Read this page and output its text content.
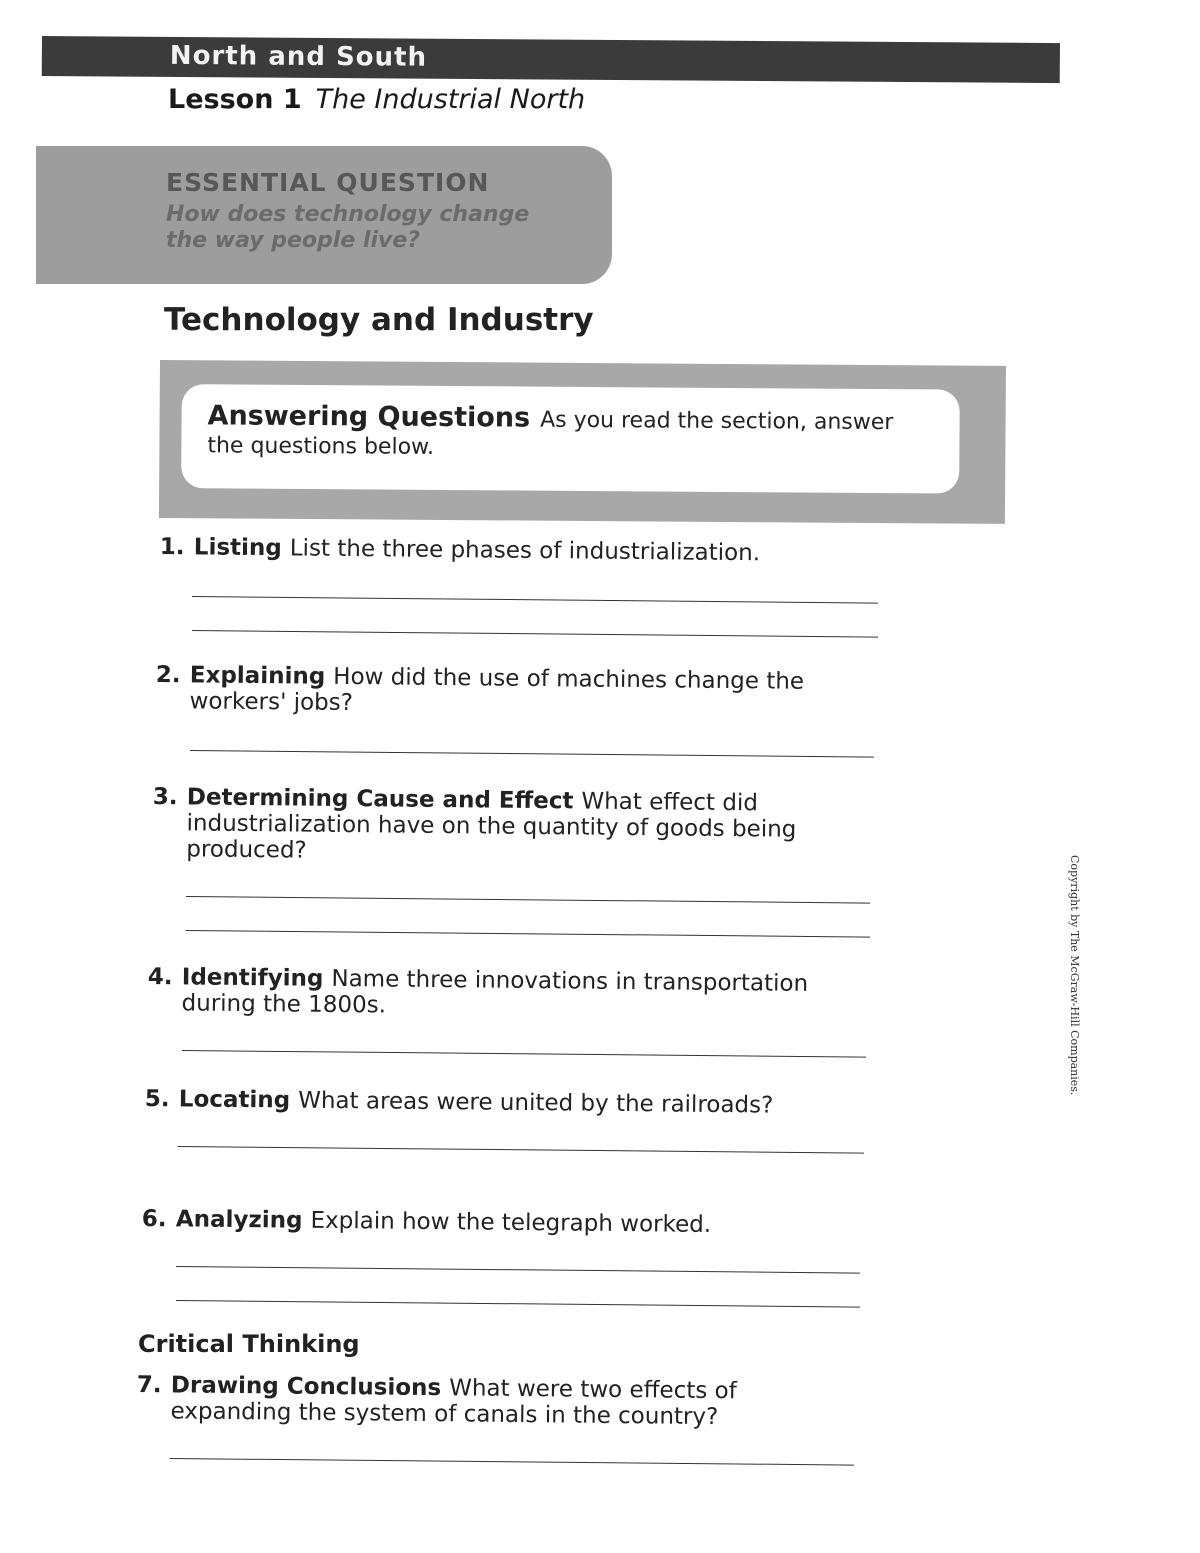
North and South
Lesson 1 The Industrial North
ESSENTIAL QUESTION
How does technology change the way people live?
Technology and Industry
Answering Questions As you read the section, answer the questions below.
1. Listing List the three phases of industrialization.
2. Explaining How did the use of machines change the
workers' jobs?
3. Determining Cause and Effect What effect did
industrialization have on the quantity of goods being
produced?
4. Identifying Name three innovations in transportation
during the 1800s.
5. Locating What areas were united by the railroads?
6. Analyzing Explain how the telegraph worked.
Critical Thinking
7. Drawing Conclusions What were two effects of
expanding the system of canals in the country?
Copyright by The McGraw-Hill Companies.
